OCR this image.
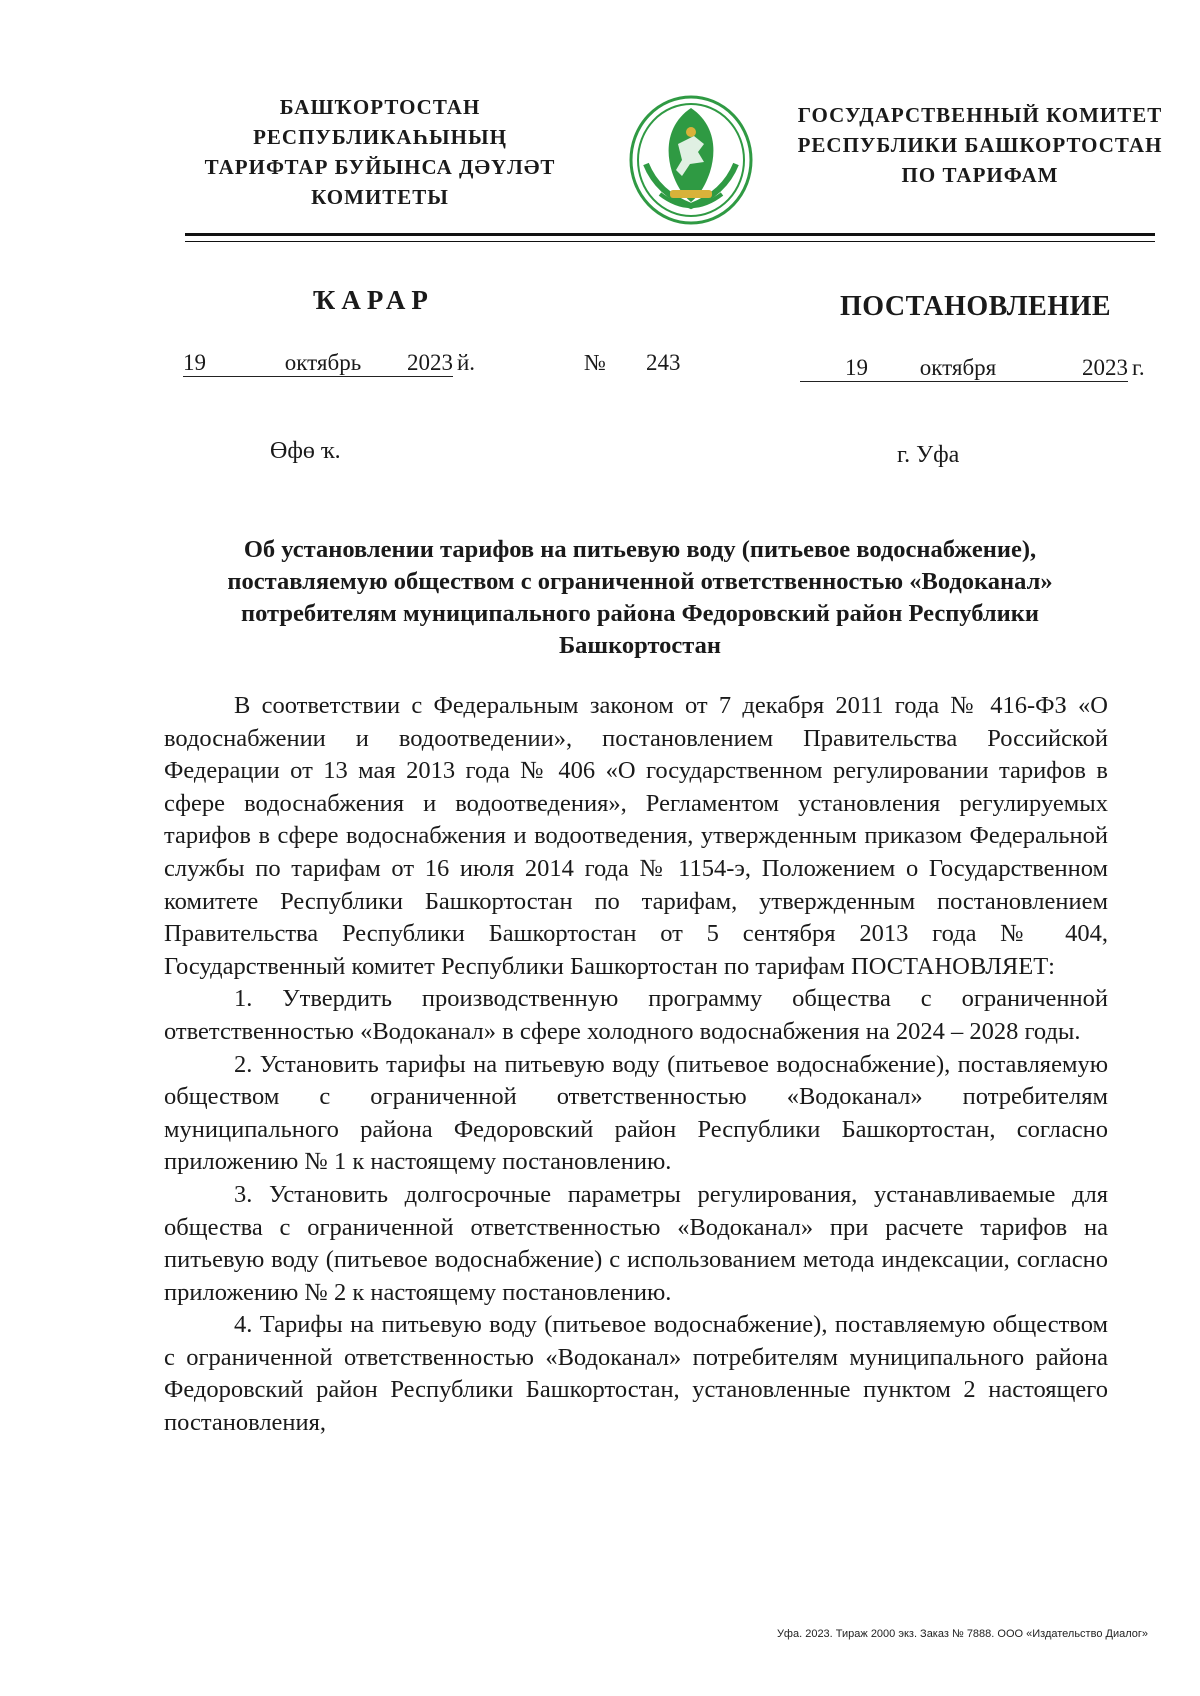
БАШҠОРТОСТАН РЕСПУБЛИКАҺЫНЫҢ
ТАРИФТАР БУЙЫНСА ДӘҮЛӘТ
КОМИТЕТЫ
ГОСУДАРСТВЕННЫЙ КОМИТЕТ
РЕСПУБЛИКИ БАШКОРТОСТАН
ПО ТАРИФАМ
ҠАРАР	ПОСТАНОВЛЕНИЕ
19	октябрь	2023 й.	№ 243	19	октября	2023 г.
Өфө ҡ.	г. Уфа
Об установлении тарифов на питьевую воду (питьевое водоснабжение), поставляемую обществом с ограниченной ответственностью «Водоканал» потребителям муниципального района Федоровский район Республики Башкортостан

В соответствии с Федеральным законом от 7 декабря 2011 года № 416-ФЗ «О водоснабжении и водоотведении», постановлением Правительства Российской Федерации от 13 мая 2013 года № 406 «О государственном регулировании тарифов в сфере водоснабжения и водоотведения», Регламентом установления регулируемых тарифов в сфере водоснабжения и водоотведения, утвержденным приказом Федеральной службы по тарифам от 16 июля 2014 года № 1154-э, Положением о Государственном комитете Республики Башкортостан по тарифам, утвержденным постановлением Правительства Республики Башкортостан от 5 сентября 2013 года № 404, Государственный комитет Республики Башкортостан по тарифам ПОСТАНОВЛЯЕТ:

1. Утвердить производственную программу общества с ограниченной ответственностью «Водоканал» в сфере холодного водоснабжения на 2024 – 2028 годы.

2. Установить тарифы на питьевую воду (питьевое водоснабжение), поставляемую обществом с ограниченной ответственностью «Водоканал» потребителям муниципального района Федоровский район Республики Башкортостан, согласно приложению № 1 к настоящему постановлению.

3. Установить долгосрочные параметры регулирования, устанавливаемые для общества с ограниченной ответственностью «Водоканал» при расчете тарифов на питьевую воду (питьевое водоснабжение) с использованием метода индексации, согласно приложению № 2 к настоящему постановлению.

4. Тарифы на питьевую воду (питьевое водоснабжение), поставляемую обществом с ограниченной ответственностью «Водоканал» потребителям муниципального района Федоровский район Республики Башкортостан, установленные пунктом 2 настоящего постановления,

Уфа. 2023. Тираж 2000 экз. Заказ № 7888. ООО «Издательство Диалог»
